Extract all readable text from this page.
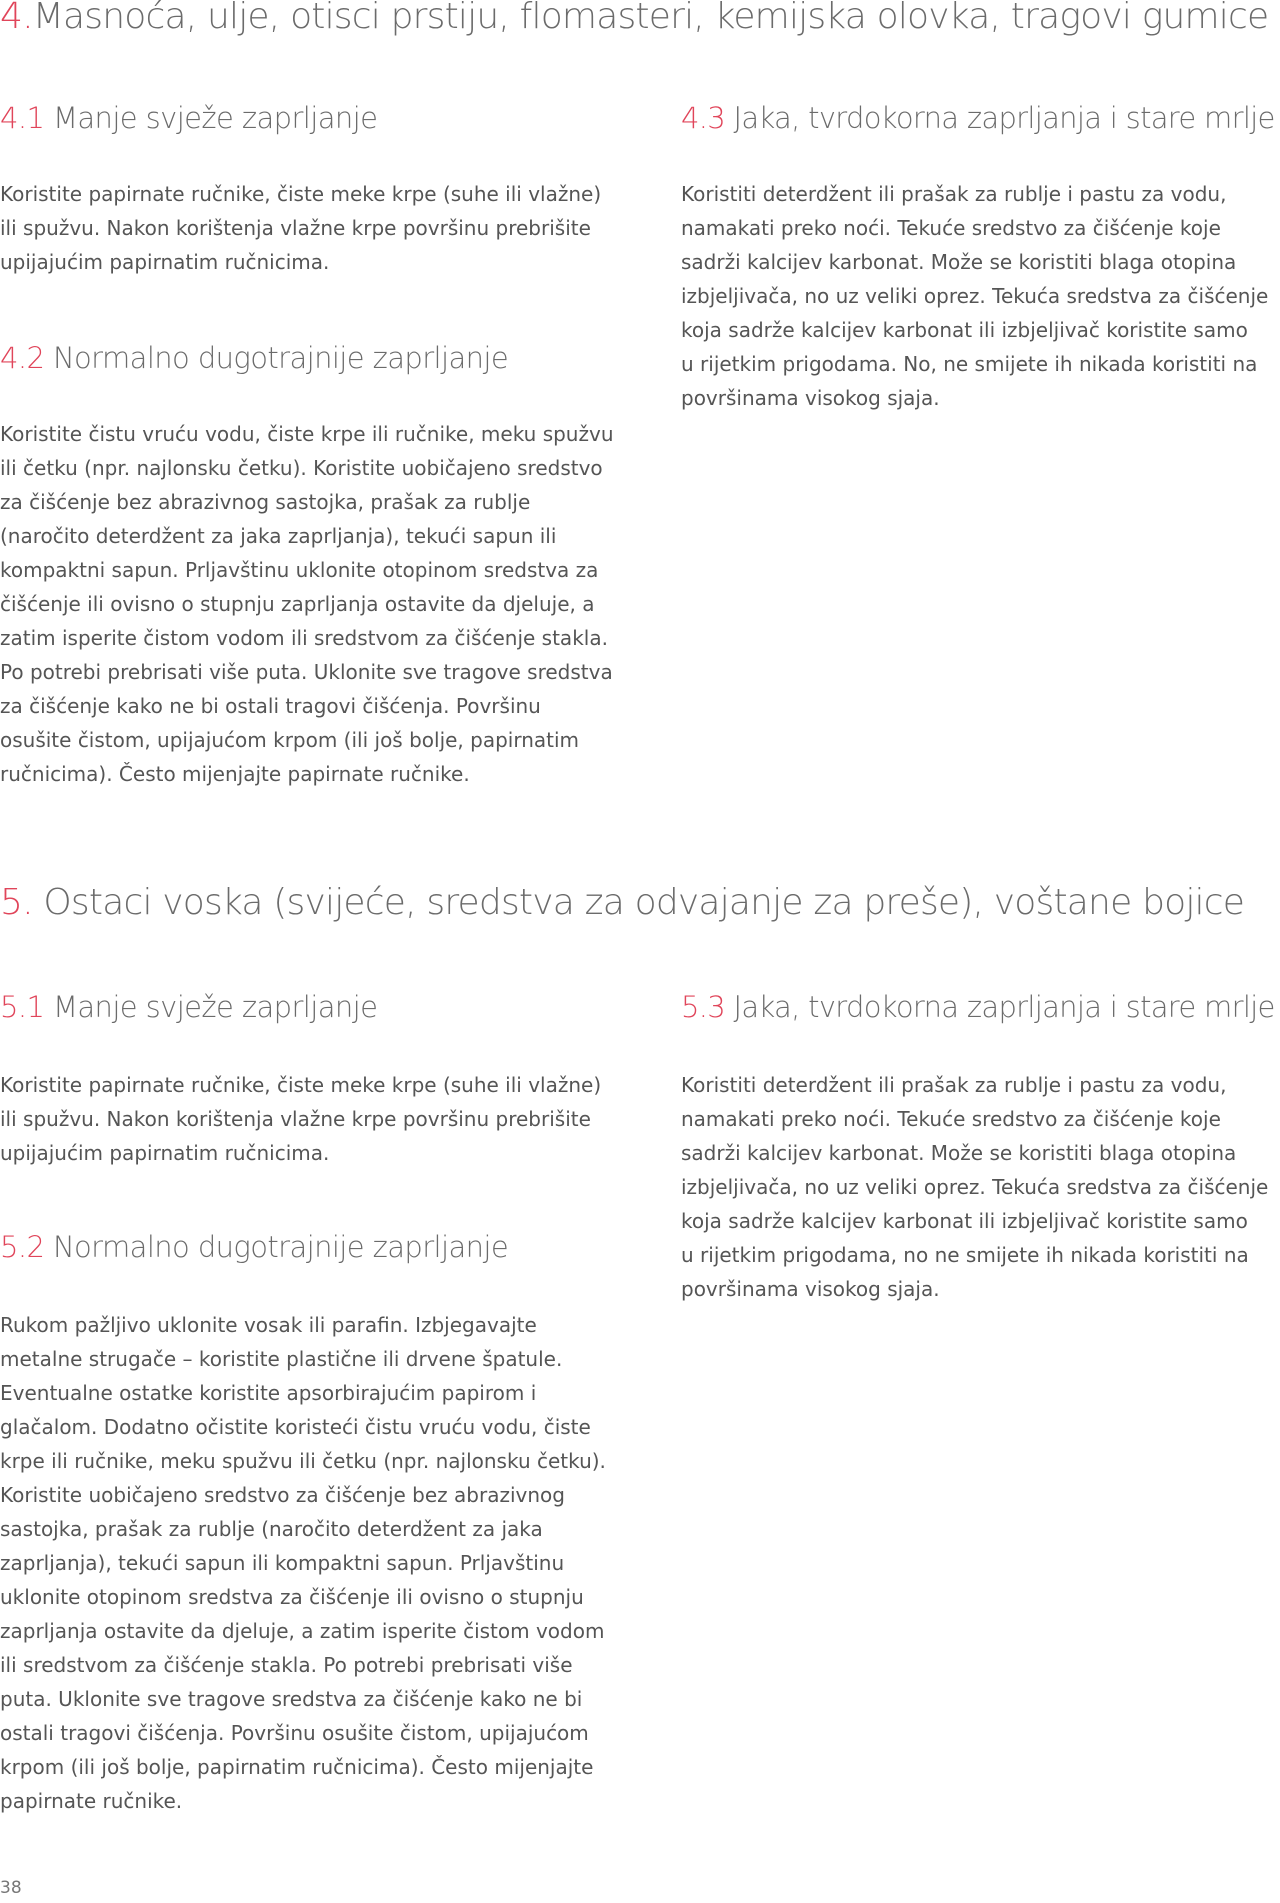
4.Masnoća, ulje, otisci prstiju, flomasteri, kemijska olovka, tragovi gumice
4.1 Manje svježe zaprljanje

Koristite papirnate ručnike, čiste meke krpe (suhe ili vlažne)
ili spužvu. Nakon korištenja vlažne krpe površinu prebrišite
upijajućim papirnatim ručnicima.

4.2 Normalno dugotrajnije zaprljanje

Koristite čistu vruću vodu, čiste krpe ili ručnike, meku spužvu
ili četku (npr. najlonsku četku). Koristite uobičajeno sredstvo
za čišćenje bez abrazivnog sastojka, prašak za rublje
(naročito deterdžent za jaka zaprljanja), tekući sapun ili
kompaktni sapun. Prljavštinu uklonite otopinom sredstva za
čišćenje ili ovisno o stupnju zaprljanja ostavite da djeluje, a
zatim isperite čistom vodom ili sredstvom za čišćenje stakla.
Po potrebi prebrisati više puta. Uklonite sve tragove sredstva
za čišćenje kako ne bi ostali tragovi čišćenja. Površinu
osušite čistom, upijajućom krpom (ili još bolje, papirnatim
ručnicima). Često mijenjajte papirnate ručnike.

4.3 Jaka, tvrdokorna zaprljanja i stare mrlje

Koristiti deterdžent ili prašak za rublje i pastu za vodu,
namakati preko noći. Tekuće sredstvo za čišćenje koje
sadrži kalcijev karbonat. Može se koristiti blaga otopina
izbjeljivača, no uz veliki oprez. Tekuća sredstva za čišćenje
koja sadrže kalcijev karbonat ili izbjeljivač koristite samo
u rijetkim prigodama. No, ne smijete ih nikada koristiti na
površinama visokog sjaja.

5. Ostaci voska (svijeće, sredstva za odvajanje za preše), voštane bojice
5.1 Manje svježe zaprljanje

Koristite papirnate ručnike, čiste meke krpe (suhe ili vlažne)
ili spužvu. Nakon korištenja vlažne krpe površinu prebrišite
upijajućim papirnatim ručnicima.

5.2 Normalno dugotrajnije zaprljanje

Rukom pažljivo uklonite vosak ili parafin. Izbjegavajte
metalne strugače – koristite plastične ili drvene špatule.
Eventualne ostatke koristite apsorbirajućim papirom i
glačalom. Dodatno očistite koristeći čistu vruću vodu, čiste
krpe ili ručnike, meku spužvu ili četku (npr. najlonsku četku).
Koristite uobičajeno sredstvo za čišćenje bez abrazivnog
sastojka, prašak za rublje (naročito deterdžent za jaka
zaprljanja), tekući sapun ili kompaktni sapun. Prljavštinu
uklonite otopinom sredstva za čišćenje ili ovisno o stupnju
zaprljanja ostavite da djeluje, a zatim isperite čistom vodom
ili sredstvom za čišćenje stakla. Po potrebi prebrisati više
puta. Uklonite sve tragove sredstva za čišćenje kako ne bi
ostali tragovi čišćenja. Površinu osušite čistom, upijajućom
krpom (ili još bolje, papirnatim ručnicima). Često mijenjajte
papirnate ručnike.

5.3 Jaka, tvrdokorna zaprljanja i stare mrlje

Koristiti deterdžent ili prašak za rublje i pastu za vodu,
namakati preko noći. Tekuće sredstvo za čišćenje koje
sadrži kalcijev karbonat. Može se koristiti blaga otopina
izbjeljivača, no uz veliki oprez. Tekuća sredstva za čišćenje
koja sadrže kalcijev karbonat ili izbjeljivač koristite samo
u rijetkim prigodama, no ne smijete ih nikada koristiti na
površinama visokog sjaja.

38
